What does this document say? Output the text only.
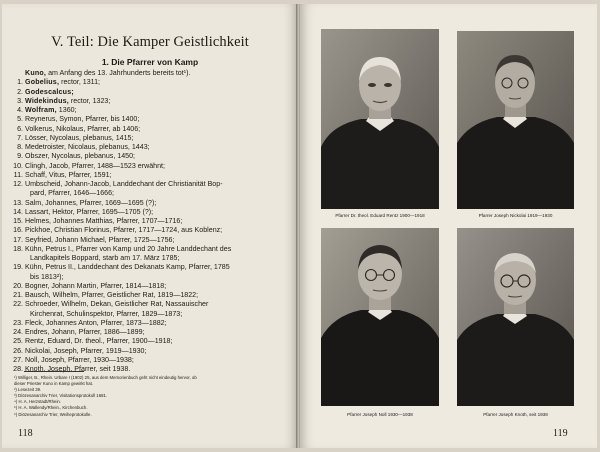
V. Teil: Die Kamper Geistlichkeit
1. Die Pfarrer von Kamp
Kuno, am Anfang des 13. Jahrhunderts bereits tot¹).
1. Gobelius, rector, 1311;
2. Godescalcus;
3. Widekindus, rector, 1323;
4. Wolfram, 1360;
5. Reynerus, Symon, Pfarrer, bis 1400;
6. Volkerus, Nikolaus, Pfarrer, ab 1406;
7. Lösser, Nycolaus, plebanus, 1415;
8. Medetroister, Nicolaus, plebanus, 1443;
9. Obszer, Nycolaus, plebanus, 1450;
10. Clingh, Jacob, Pfarrer, 1488—1523 erwähnt;
11. Schaff, Vitus, Pfarrer, 1591;
12. Umbscheid, Johann-Jacob, Landdechant der Christianität Bop-
pard, Pfarrer, 1646—1666;
13. Salm, Johannes, Pfarrer, 1669—1695 (?);
14. Lassart, Hektor, Pfarrer, 1695—1705 (?);
15. Helmes, Johannes Matthias, Pfarrer, 1707—1716;
16. Pickhoe, Christian Florinus, Pfarrer, 1717—1724, aus Koblenz;
17. Seyfried, Johann Michael, Pfarrer, 1725—1756;
18. Kühn, Petrus I., Pfarrer von Kamp und 20 Jahre Landdechant des
Landkapitels Boppard, starb am 17. März 1785;
19. Kühn, Petrus II., Landdechant des Dekanats Kamp, Pfarrer, 1785
bis 1813²);
20. Bogner, Johann Martin, Pfarrer, 1814—1818;
21. Bausch, Wilhelm, Pfarrer, Geistlicher Rat, 1819—1822;
22. Schroeder, Wilhelm, Dekan, Geistlicher Rat, Nassauischer
Kirchenrat, Schulinspektor, Pfarrer, 1829—1873;
23. Fleck, Johannes Anton, Pfarrer, 1873—1882;
24. Endres, Johann, Pfarrer, 1886—1899;
25. Rentz, Eduard, Dr. theol., Pfarrer, 1900—1918;
26. Nickolai, Joseph, Pfarrer, 1919—1930;
27. Noll, Joseph, Pfarrer, 1930—1938;
28. Knoth, Joseph, Pfarrer, seit 1938.
¹) Williger, B., Rhein. Urbare I (1902) 25, aus dem Memorienbuch geht nicht eindeutig hervor, ob
dieser Priester Kuno in Kamp gewirkt hat.
²) Lesezeit 39.
³) Diözesanarchiv Trier, Visitationsprotokoll 1681.
⁴) H. A. Herzstadt/Rhein.
⁵) H. A. Wallendy/Rhein., Kirchenbuch.
⁶) Diözesanarchiv Trier, Weiheprotokolle.
118
Pfarrer Dr. theol. Eduard Rentz 1900—1918	Pfarrer Joseph Nickolai 1919—1930
Pfarrer Joseph Noll 1930—1938	Pfarrer Joseph Knoth, seit 1938
119
